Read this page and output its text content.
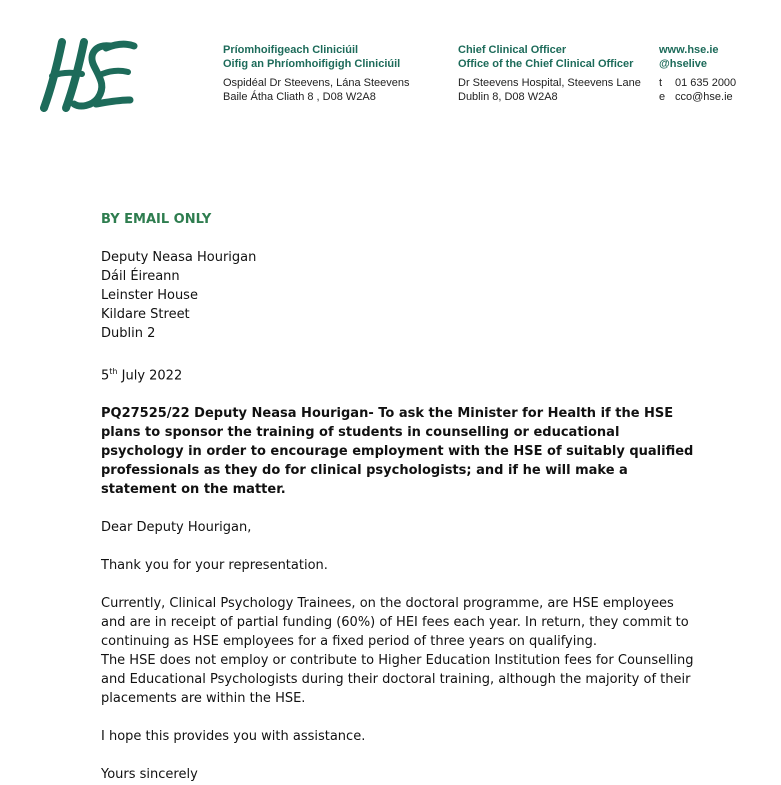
Príomhoifigeach Cliniciúil
Oifig an Phríomhoifigigh Cliniciúil
Ospidéal Dr Steevens, Lána Steevens
Baile Átha Cliath 8 , D08 W2A8
Chief Clinical Officer
Office of the Chief Clinical Officer
Dr Steevens Hospital, Steevens Lane
Dublin 8, D08 W2A8
www.hse.ie
@hselive
t 01 635 2000
e cco@hse.ie

BY EMAIL ONLY

Deputy Neasa Hourigan

Dáil Éireann

Leinster House

Kildare Street

Dublin 2

5th July 2022

PQ27525/22 Deputy Neasa Hourigan- To ask the Minister for Health if the HSE plans to sponsor the training of students in counselling or educational psychology in order to encourage employment with the HSE of suitably qualified professionals as they do for clinical psychologists; and if he will make a statement on the matter.

Dear Deputy Hourigan,

Thank you for your representation.

Currently, Clinical Psychology Trainees, on the doctoral programme, are HSE employees and are in receipt of partial funding (60%) of HEI fees each year. In return, they commit to continuing as HSE employees for a fixed period of three years on qualifying.

The HSE does not employ or contribute to Higher Education Institution fees for Counselling and Educational Psychologists during their doctoral training, although the majority of their placements are within the HSE.

I hope this provides you with assistance.

Yours sincerely
